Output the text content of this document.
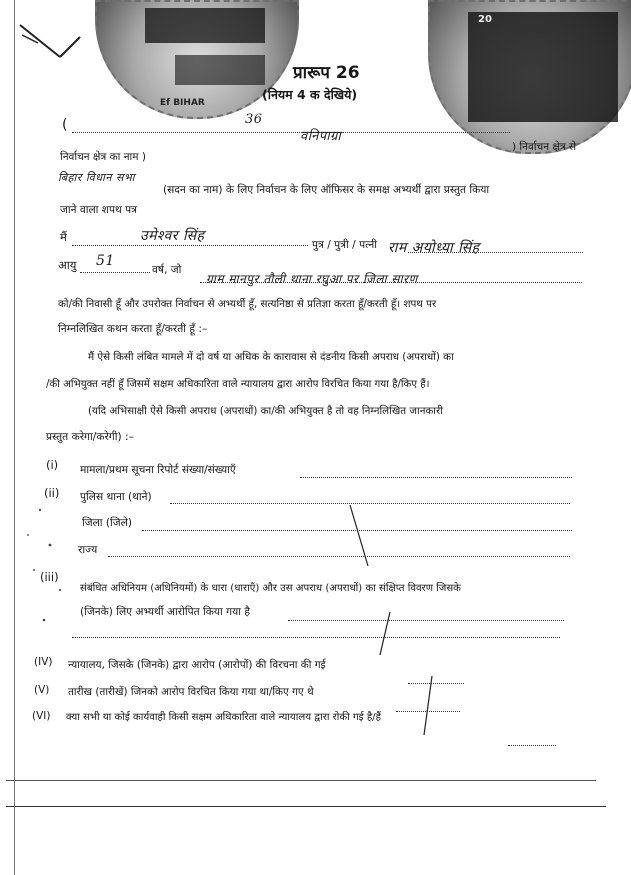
Ef BIHAR
20
प्रारूप 26
(नियम 4 क देखिये)
(	36
वनिपाग्रा
) निर्वाचन क्षेत्र से
निर्वाचन क्षेत्र का नाम )
बिहार विधान सभा
(सदन का नाम) के लिए निर्वाचन के लिए ऑफिसर के समक्ष अभ्यर्थी द्वारा प्रस्तुत किया
जाने वाला शपथ पत्र
मैं	उमेश्वर सिंह
पुत्र / पुत्री / पत्नी राम अयोध्या सिंह
आयु 51
वर्ष, जो
ग्राम मानपुर तौली थाना रघुआ पर जिला सारण
को/की निवासी हूँ और उपरोक्त निर्वाचन से अभ्यर्थी हूँ, सत्यनिष्ठा से प्रतिज्ञा करता हूँ/करती हूँ। शपथ पर
निम्नलिखित कथन करता हूँ/करती हूँ :–
मैं ऐसे किसी लंबित मामले में दो वर्ष या अधिक के कारावास से दंडनीय किसी अपराध (अपराधों) का
/की अभियुक्त नहीं हूँ जिसमें सक्षम अधिकारिता वाले न्यायालय द्वारा आरोप विरचित किया गया है/किए हैं।
(यदि अभिसाक्षी ऐसे किसी अपराध (अपराधों) का/की अभियुक्त है तो वह निम्नलिखित जानकारी
प्रस्तुत करेगा/करेगी) :–
(i) मामला/प्रथम सूचना रिपोर्ट संख्या/संख्याएँ
(ii) पुलिस थाना (थाने)
जिला (जिले)
राज्य
(iii)
संबंधित अधिनियम (अधिनियमों) के धारा (धाराएँ) और उस अपराध (अपराधों) का संक्षिप्त विवरण जिसके
(जिनके) लिए अभ्यर्थी आरोपित किया गया है
(IV) न्यायालय, जिसके (जिनके) द्वारा आरोप (आरोपों) की विरचना की गई
(V) तारीख (तारीखें) जिनको आरोप विरचित किया गया था/किए गए थे
(VI) क्या सभी या कोई कार्यवाही किसी सक्षम अधिकारिता वाले न्यायालय द्वारा रोकी गई है/हैं
